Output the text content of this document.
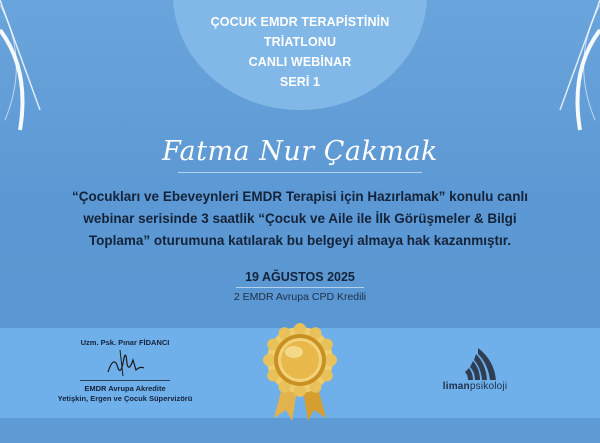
ÇOCUK EMDR TERAPİSTİNİN
TRİATLONU
CANLI WEBİNAR
SERİ 1
Fatma Nur Çakmak
“Çocukları ve Ebeveynleri EMDR Terapisi için Hazırlamak” konulu canlı
webinar serisinde 3 saatlik “Çocuk ve Aile ile İlk Görüşmeler & Bilgi
Toplama” oturumuna katılarak bu belgeyi almaya hak kazanmıştır.
19 AĞUSTOS 2025
2 EMDR Avrupa CPD Kredili
Uzm. Psk. Pınar FİDANCI
EMDR Avrupa Akredite
Yetişkin, Ergen ve Çocuk Süpervizörü
limanpsikoloji
